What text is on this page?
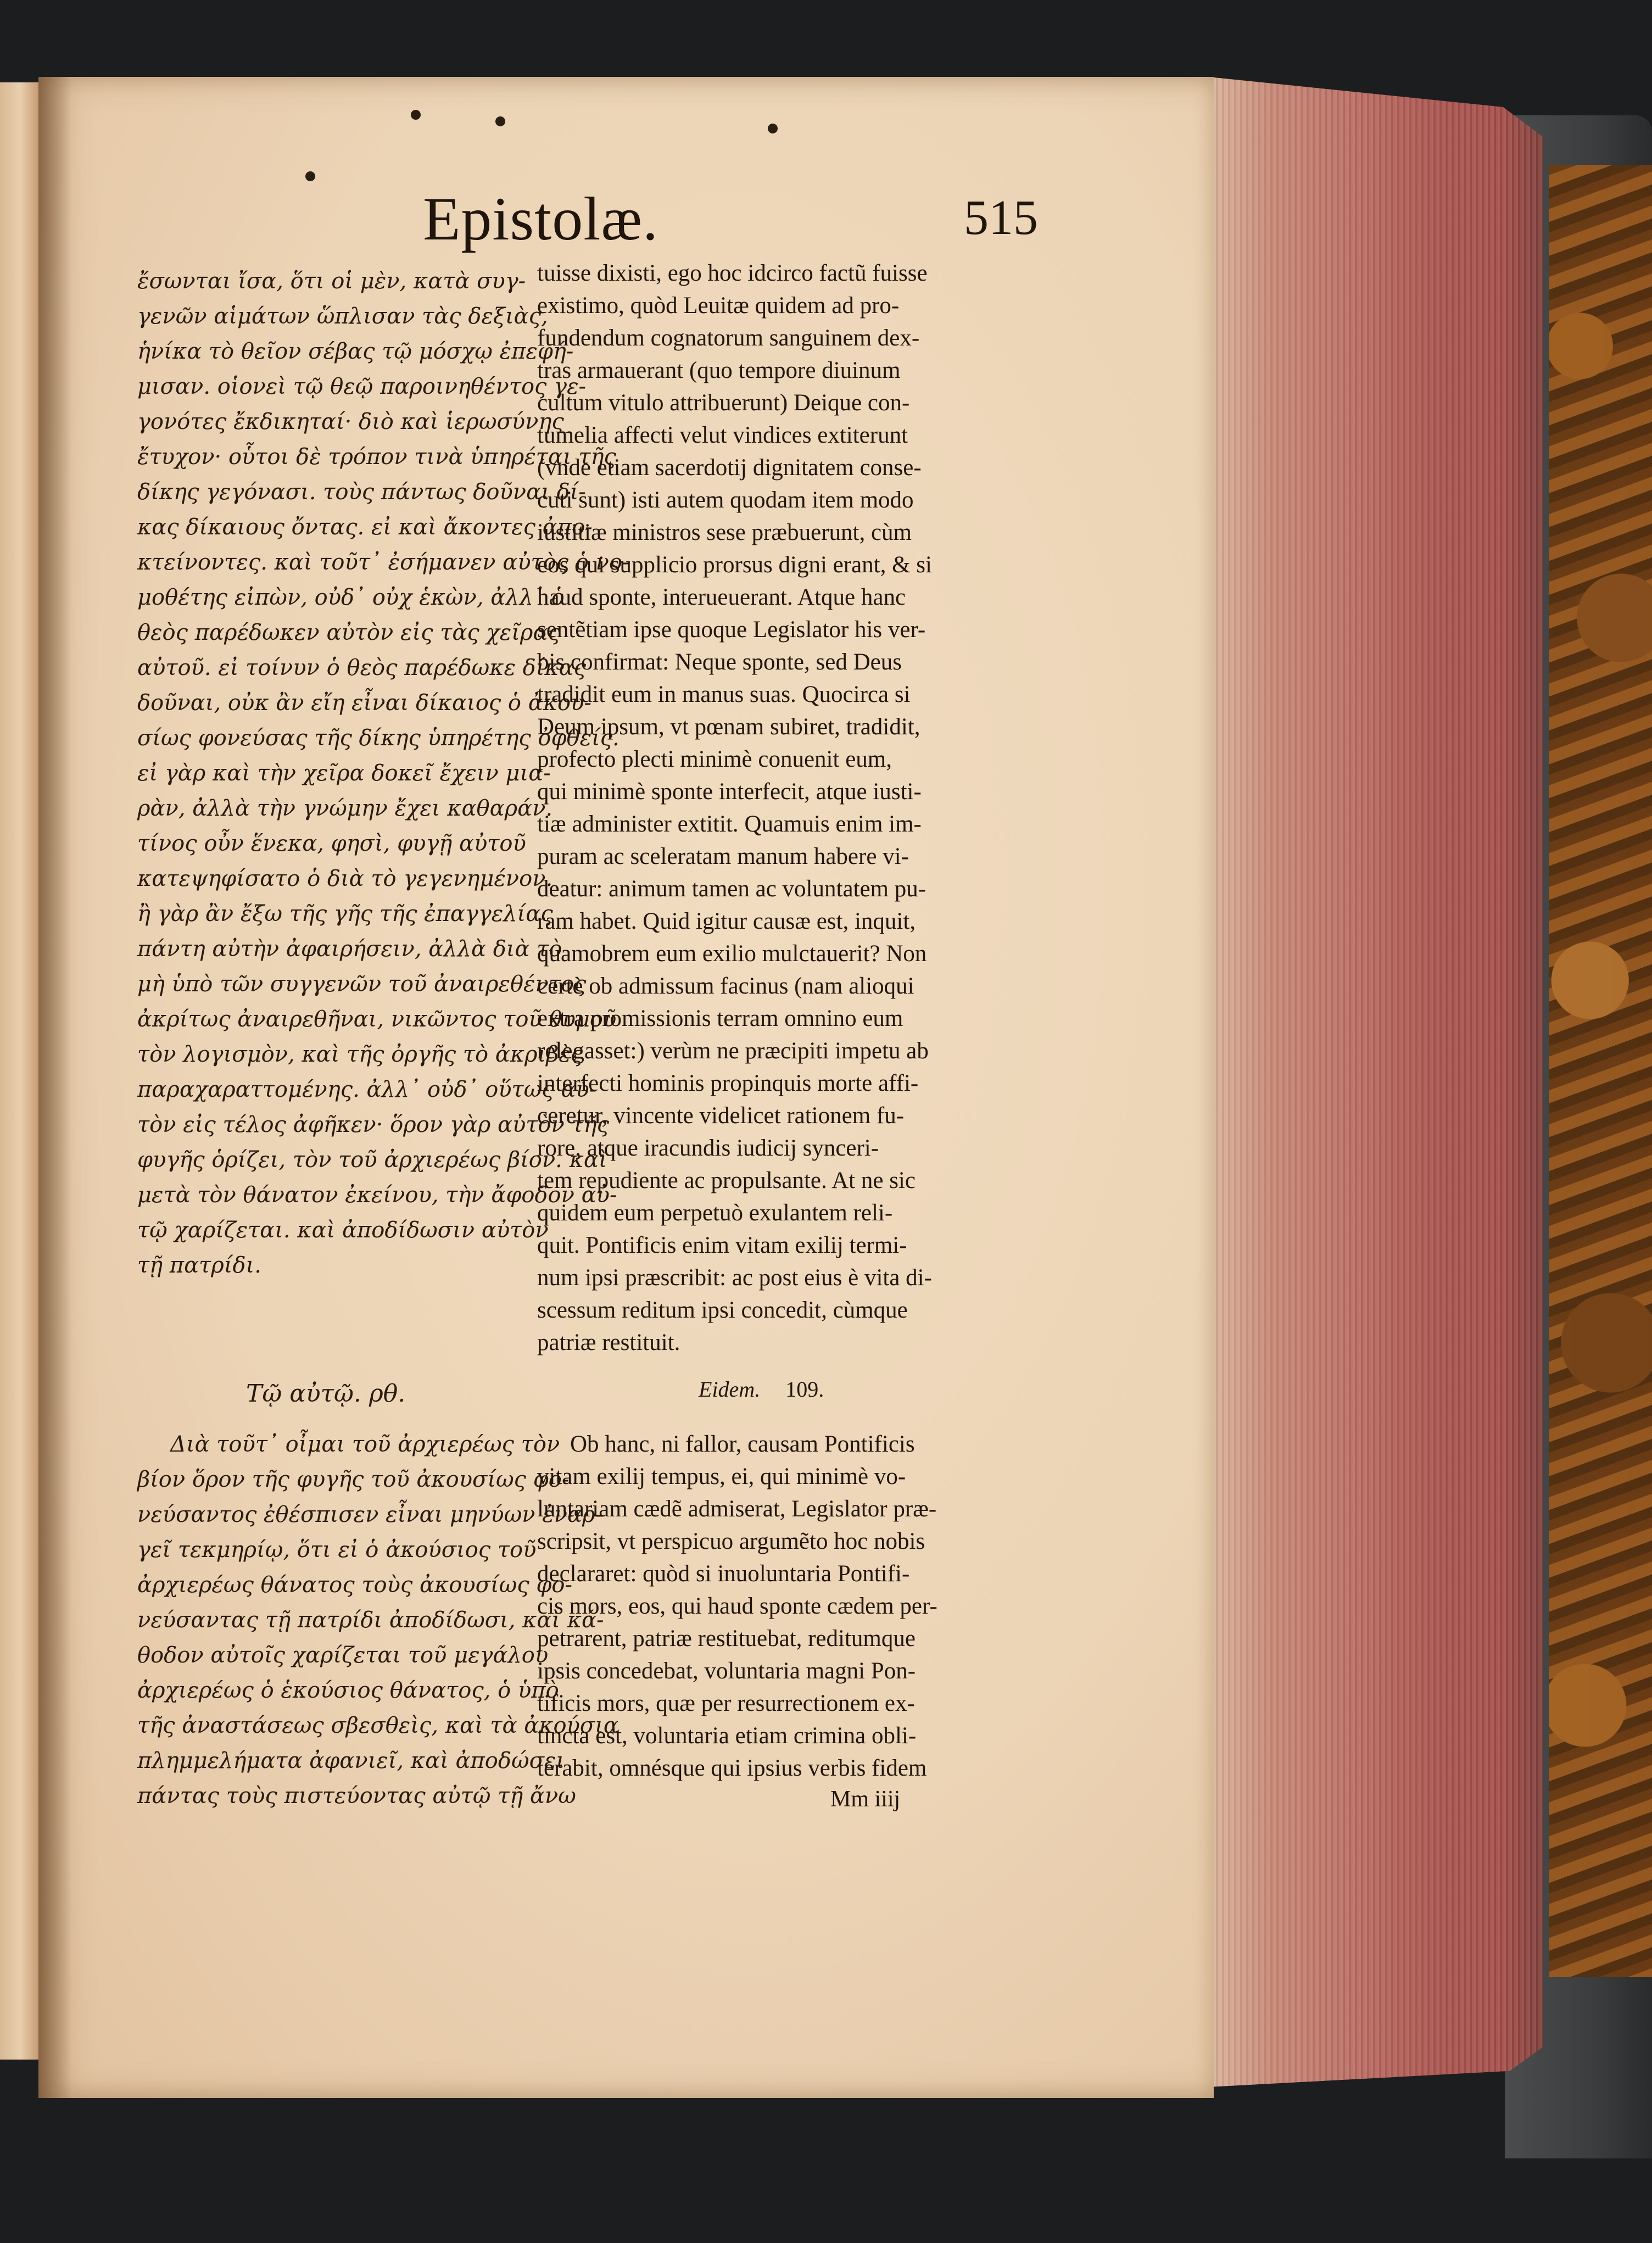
Epistolæ.	515
ἔσωνται ἴσα, ὅτι οἱ μὲν, κατὰ συγ-
γενῶν αἱμάτων ὥπλισαν τὰς δεξιὰς,
ἡνίκα τὸ θεῖον σέβας τῷ μόσχῳ ἐπεφή-
μισαν. οἱονεὶ τῷ θεῷ παροινηθέντος γε-
γονότες ἔκδικηταί· διὸ καὶ ἱερωσύνης
ἔτυχον· οὗτοι δὲ τρόπον τινὰ ὑπηρέται τῆς
δίκης γεγόνασι. τοὺς πάντως δοῦναι δί-
κας δίκαιους ὄντας. εἰ καὶ ἄκοντες ἀπο-
κτείνοντες. καὶ τοῦτ᾽ ἐσήμανεν αὐτὸς ὁ νο-
μοθέτης εἰπὼν, οὐδ᾽ οὐχ ἑκὼν, ἀλλ᾽ ὁ
θεὸς παρέδωκεν αὐτὸν εἰς τὰς χεῖρας
αὐτοῦ. εἰ τοίνυν ὁ θεὸς παρέδωκε δίκας
δοῦναι, οὐκ ἂν εἴη εἶναι δίκαιος ὁ ἀκου-
σίως φονεύσας τῆς δίκης ὑπηρέτης ὀφθείς.
εἰ γὰρ καὶ τὴν χεῖρα δοκεῖ ἔχειν μια-
ρὰν, ἀλλὰ τὴν γνώμην ἔχει καθαράν.
τίνος οὖν ἕνεκα, φησὶ, φυγῇ αὐτοῦ
κατεψηφίσατο ὁ διὰ τὸ γεγενημένον.
ἢ γὰρ ἂν ἔξω τῆς γῆς τῆς ἐπαγγελίας
πάντη αὐτὴν ἀφαιρήσειν, ἀλλὰ διὰ τὸ
μὴ ὑπὸ τῶν συγγενῶν τοῦ ἀναιρεθέντος
ἀκρίτως ἀναιρεθῆναι, νικῶντος τοῦ θυμοῦ
τὸν λογισμὸν, καὶ τῆς ὀργῆς τὸ ἀκριβὲς
παραχαραττομένης. ἀλλ᾽ οὐδ᾽ οὕτως αὐ-
τὸν εἰς τέλος ἀφῆκεν· ὅρον γὰρ αὐτὸν τῆς
φυγῆς ὁρίζει, τὸν τοῦ ἀρχιερέως βίον. καὶ
μετὰ τὸν θάνατον ἐκείνου, τὴν ἄφοδον αὐ-
τῷ χαρίζεται. καὶ ἀποδίδωσιν αὐτὸν
τῇ πατρίδι.
tuisse dixisti, ego hoc idcirco factũ fuisse
existimo, quòd Leuitæ quidem ad pro-
fundendum cognatorum sanguinem dex-
tras armauerant (quo tempore diuinum
cultum vitulo attribuerunt) Deique con-
tumelia affecti velut vindices extiterunt
(vnde etiam sacerdotij dignitatem conse-
cuti sunt) isti autem quodam item modo
iustitiæ ministros sese præbuerunt, cùm
eos qui supplicio prorsus digni erant, & si
haud sponte, interueuerant. Atque hanc
sentẽtiam ipse quoque Legislator his ver-
bis confirmat: Neque sponte, sed Deus
tradidit eum in manus suas. Quocirca si
Deum ipsum, vt pœnam subiret, tradidit,
profecto plecti minimè conuenit eum,
qui minimè sponte interfecit, atque iusti-
tiæ administer extitit. Quamuis enim im-
puram ac sceleratam manum habere vi-
deatur: animum tamen ac voluntatem pu-
ram habet. Quid igitur causæ est, inquit,
quamobrem eum exilio mulctauerit? Non
certè ob admissum facinus (nam alioqui
extra promissionis terram omnino eum
relegasset:) verùm ne præcipiti impetu ab
interfecti hominis propinquis morte affi-
ceretur, vincente videlicet rationem fu-
rore, atque iracundis iudicij synceri-
tem repudiente ac propulsante. At ne sic
quidem eum perpetuò exulantem reli-
quit. Pontificis enim vitam exilij termi-
num ipsi præscribit: ac post eius è vita di-
scessum reditum ipsi concedit, cùmque
patriæ restituit.
Τῷ αὐτῷ. ρθ.	Eidem. 109.
Διὰ τοῦτ᾽ οἶμαι τοῦ ἀρχιερέως τὸν
βίον ὅρον τῆς φυγῆς τοῦ ἀκουσίως φο-
νεύσαντος ἐθέσπισεν εἶναι μηνύων ἐναρ-
γεῖ τεκμηρίῳ, ὅτι εἰ ὁ ἀκούσιος τοῦ
ἀρχιερέως θάνατος τοὺς ἀκουσίως φο-
νεύσαντας τῇ πατρίδι ἀποδίδωσι, καὶ κά-
θοδον αὐτοῖς χαρίζεται τοῦ μεγάλου
ἀρχιερέως ὁ ἑκούσιος θάνατος, ὁ ὑπὸ
τῆς ἀναστάσεως σβεσθεὶς, καὶ τὰ ἀκούσια
πλημμελήματα ἀφανιεῖ, καὶ ἀποδώσει
πάντας τοὺς πιστεύοντας αὐτῷ τῇ ἄνω
Ob hanc, ni fallor, causam Pontificis
vitam exilij tempus, ei, qui minimè vo-
luntariam cædẽ admiserat, Legislator præ-
scripsit, vt perspicuo argumẽto hoc nobis
declararet: quòd si inuoluntaria Pontifi-
cis mors, eos, qui haud sponte cædem per-
petrarent, patriæ restituebat, reditumque
ipsis concedebat, voluntaria magni Pon-
tificis mors, quæ per resurrectionem ex-
tincta est, voluntaria etiam crimina obli-
terabit, omnésque qui ipsius verbis fidem
Mm iiij
